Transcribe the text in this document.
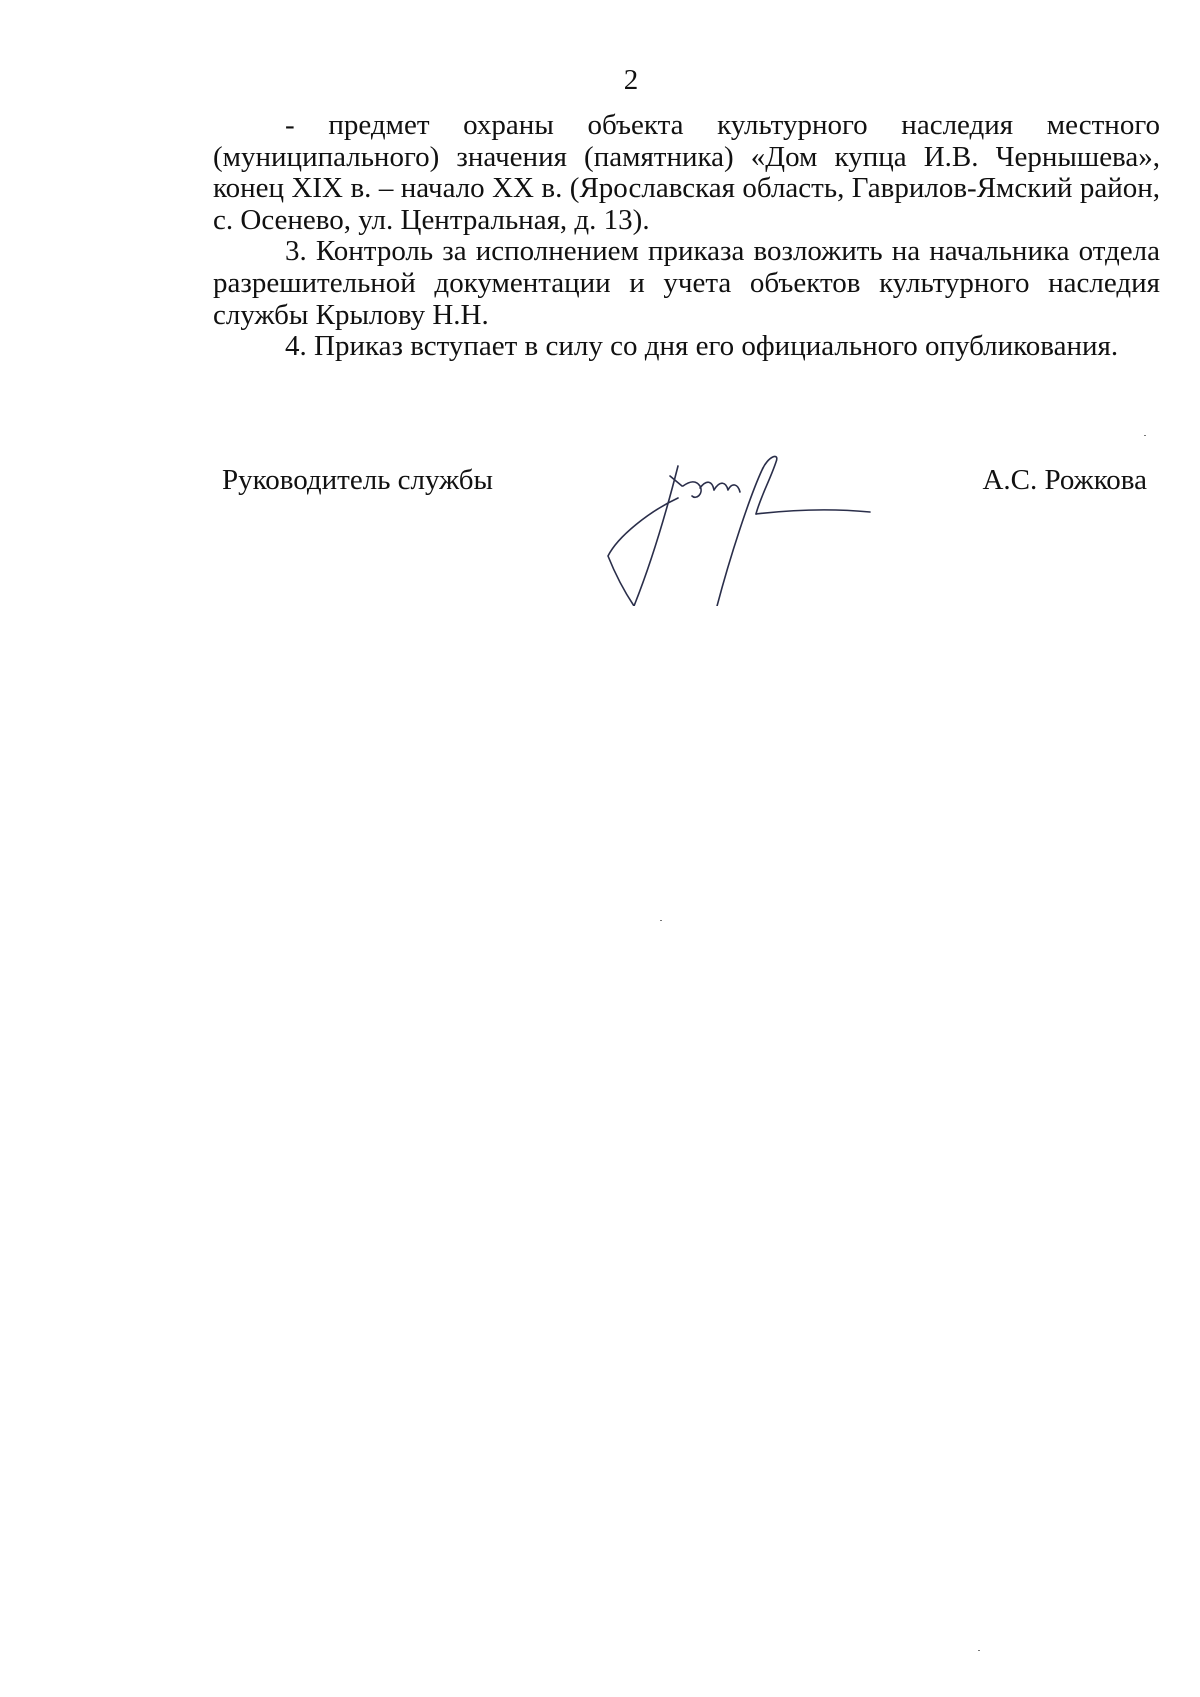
2

- предмет охраны объекта культурного наследия местного (муниципального) значения (памятника) «Дом купца И.В. Чернышева», конец XIX в. – начало XX в. (Ярославская область, Гаврилов-Ямский район, с. Осенево, ул. Центральная, д. 13).

3. Контроль за исполнением приказа возложить на начальника отдела разрешительной документации и учета объектов культурного наследия службы Крылову Н.Н.

4. Приказ вступает в силу со дня его официального опубликования.

Руководитель службы	А.С. Рожкова
